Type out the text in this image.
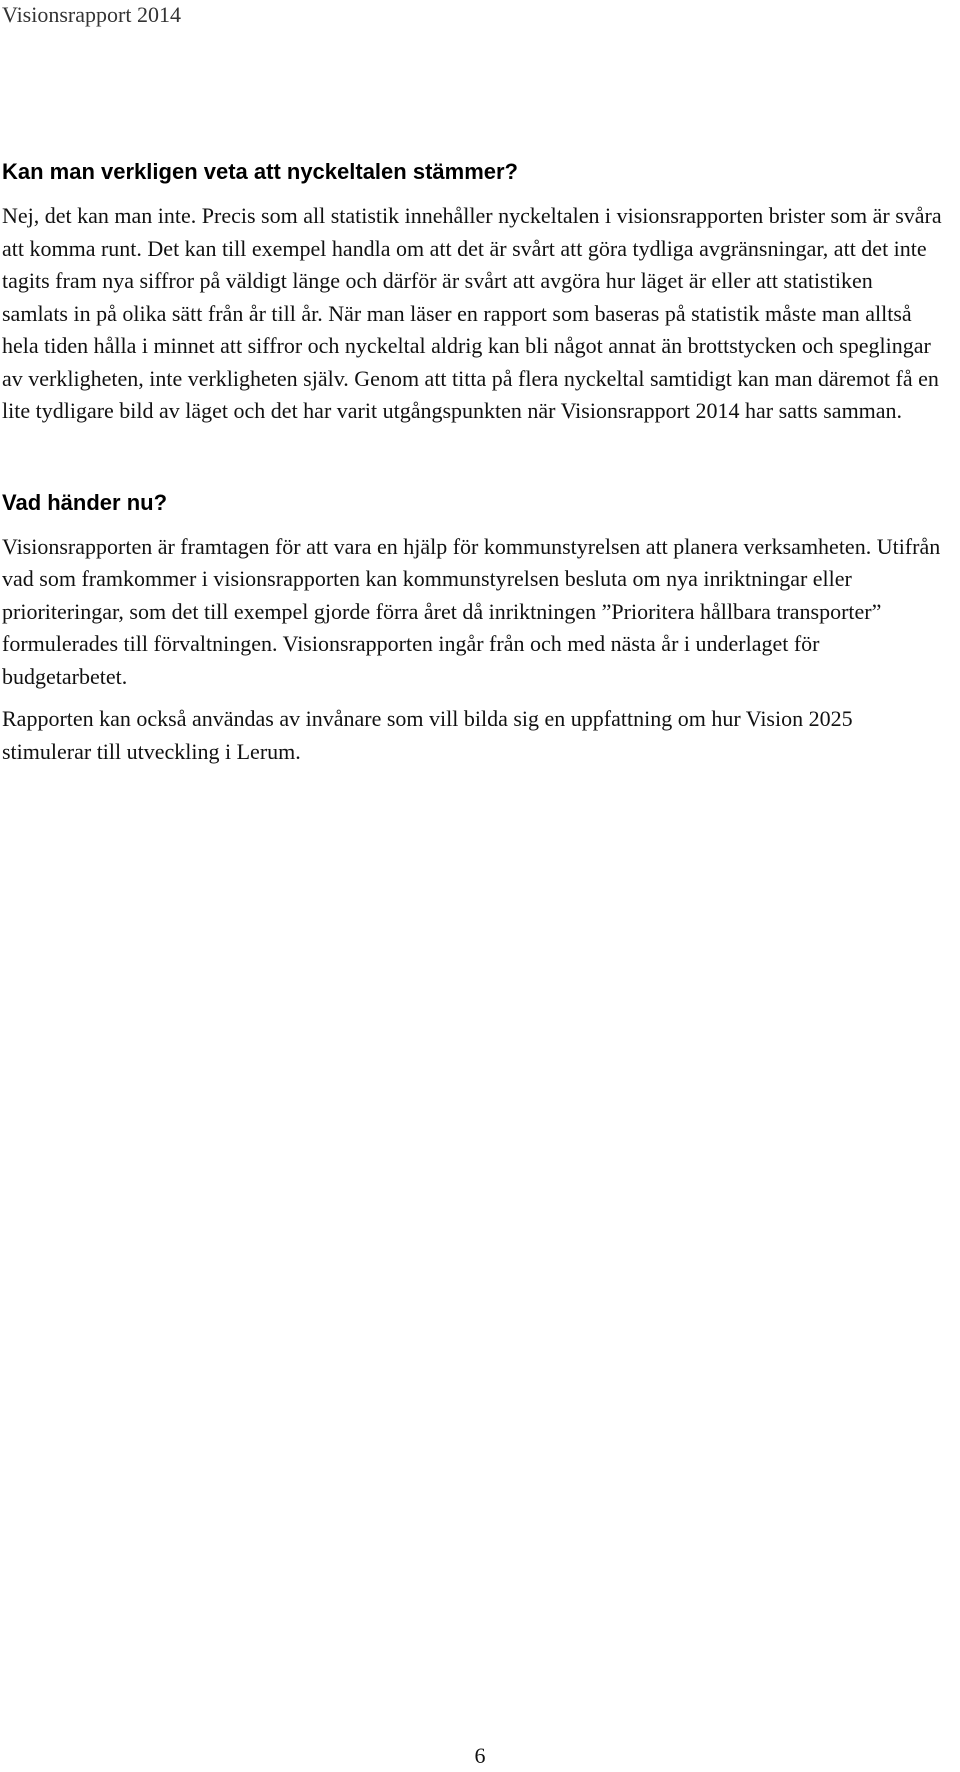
Visionsrapport 2014
Kan man verkligen veta att nyckeltalen stämmer?

Nej, det kan man inte. Precis som all statistik innehåller nyckeltalen i visionsrapporten brister som är svåra att komma runt. Det kan till exempel handla om att det är svårt att göra tydliga avgränsningar, att det inte tagits fram nya siffror på väldigt länge och därför är svårt att avgöra hur läget är eller att statistiken samlats in på olika sätt från år till år. När man läser en rapport som baseras på statistik måste man alltså hela tiden hålla i minnet att siffror och nyckeltal aldrig kan bli något annat än brottstycken och speglingar av verkligheten, inte verkligheten själv. Genom att titta på flera nyckeltal samtidigt kan man däremot få en lite tydligare bild av läget och det har varit utgångspunkten när Visionsrapport 2014 har satts samman.

Vad händer nu?

Visionsrapporten är framtagen för att vara en hjälp för kommunstyrelsen att planera verksamheten. Utifrån vad som framkommer i visionsrapporten kan kommunstyrelsen besluta om nya inriktningar eller prioriteringar, som det till exempel gjorde förra året då inriktningen ”Prioritera hållbara transporter” formulerades till förvaltningen. Visionsrapporten ingår från och med nästa år i underlaget för budgetarbetet.

Rapporten kan också användas av invånare som vill bilda sig en uppfattning om hur Vision 2025 stimulerar till utveckling i Lerum.

6
